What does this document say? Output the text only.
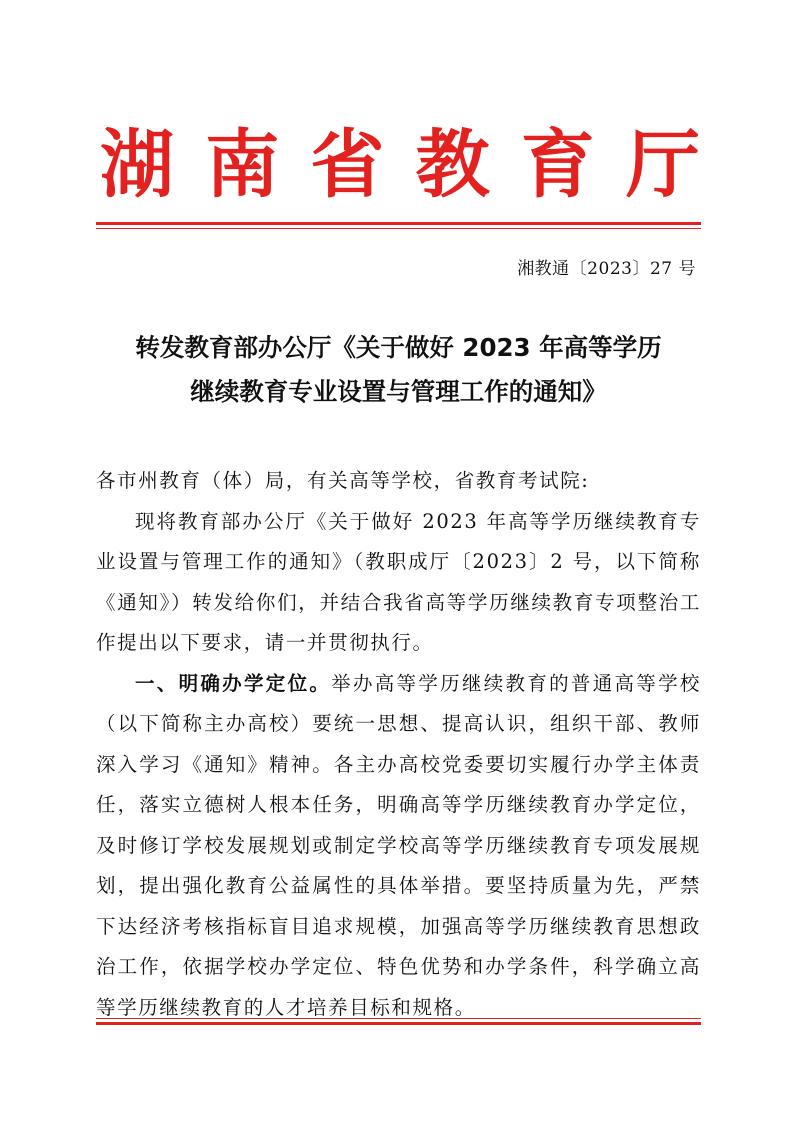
湖 南 省 教 育 厅
湘教通〔2023〕27 号
转发教育部办公厅《关于做好 2023 年高等学历
继续教育专业设置与管理工作的通知》

各市州教育（体）局，有关高等学校，省教育考试院:

现将教育部办公厅《关于做好 2023 年高等学历继续教育专业设置与管理工作的通知》（教职成厅〔2023〕2 号，以下简称《通知》）转发给你们，并结合我省高等学历继续教育专项整治工作提出以下要求，请一并贯彻执行。

一、明确办学定位。举办高等学历继续教育的普通高等学校（以下简称主办高校）要统一思想、提高认识，组织干部、教师深入学习《通知》精神。各主办高校党委要切实履行办学主体责任，落实立德树人根本任务，明确高等学历继续教育办学定位，及时修订学校发展规划或制定学校高等学历继续教育专项发展规划，提出强化教育公益属性的具体举措。要坚持质量为先，严禁下达经济考核指标盲目追求规模，加强高等学历继续教育思想政治工作，依据学校办学定位、特色优势和办学条件，科学确立高等学历继续教育的人才培养目标和规格。
